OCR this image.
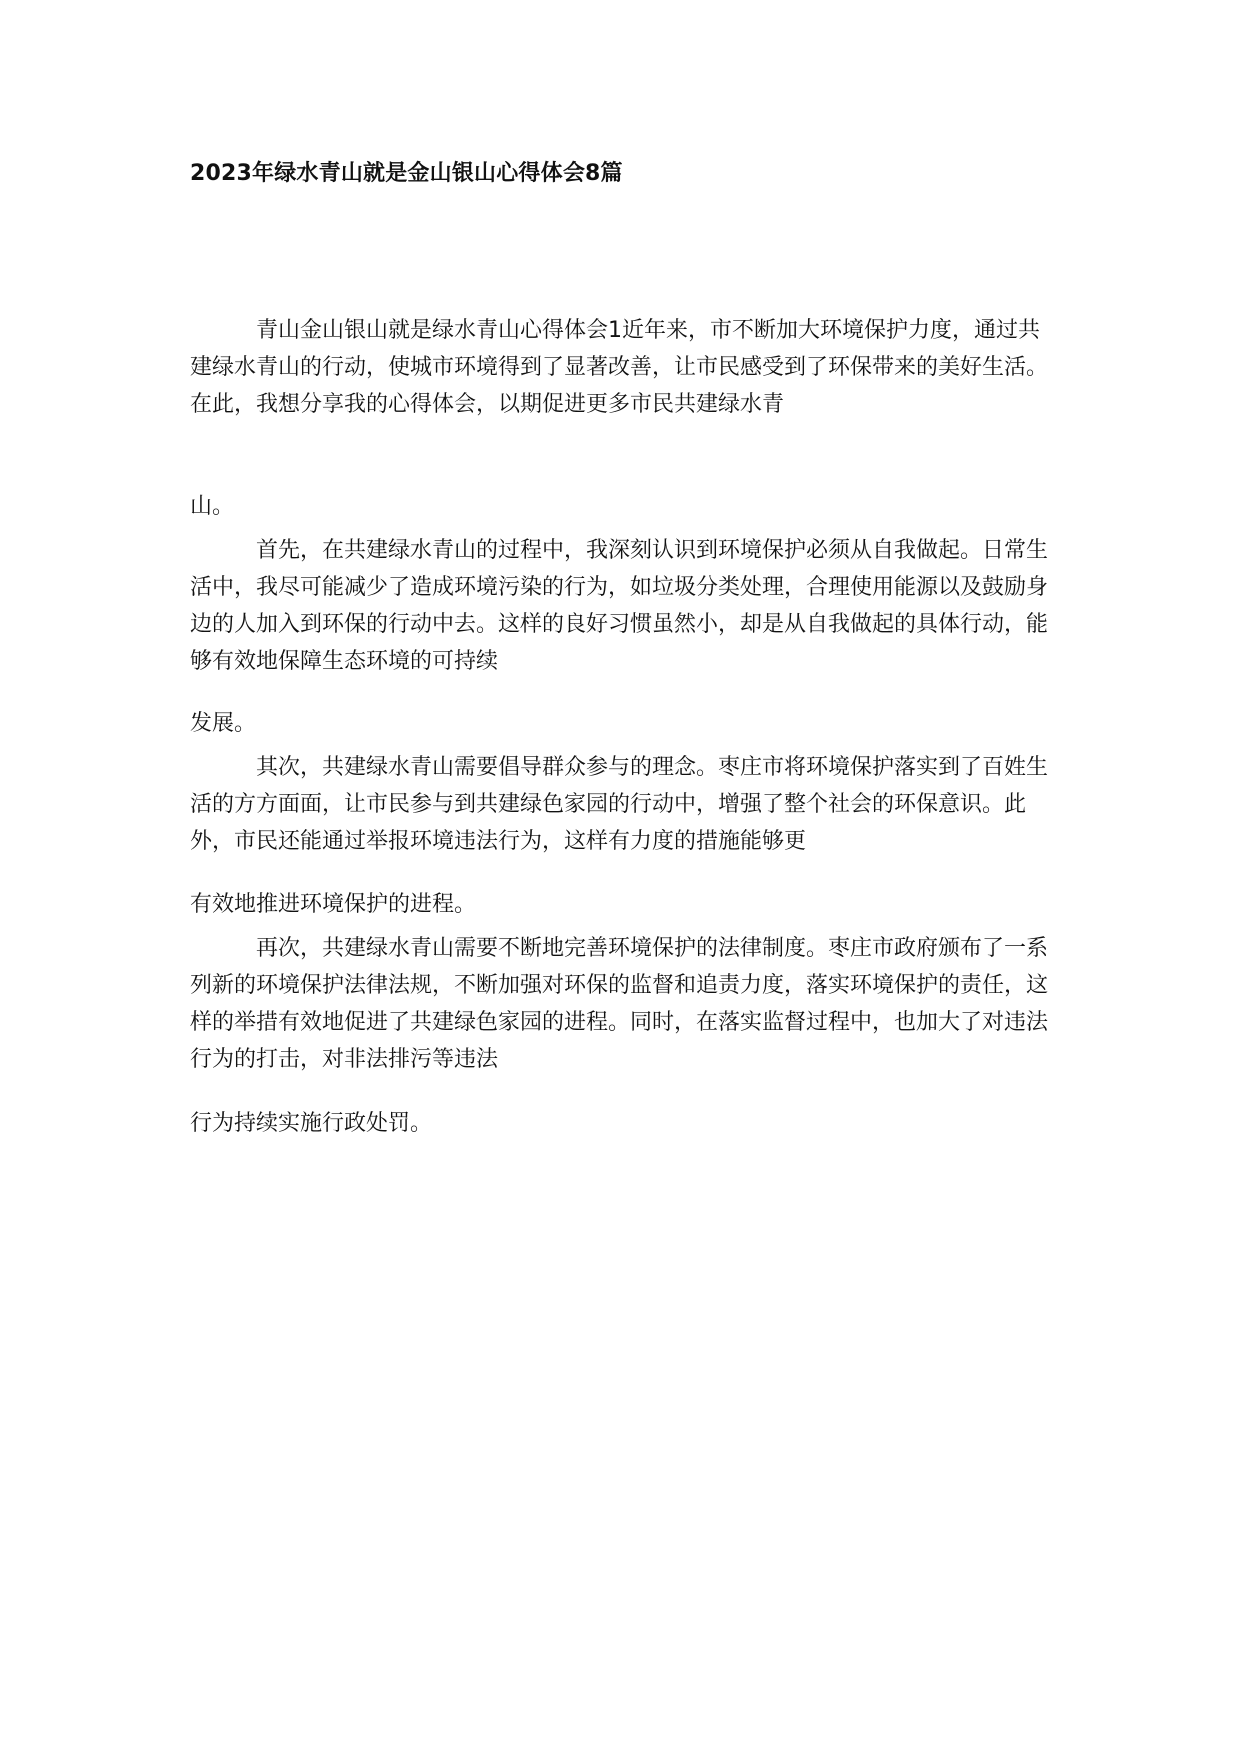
2023年绿水青山就是金山银山心得体会8篇
青山金山银山就是绿水青山心得体会1近年来，市不断加大环境保护力度，通过共建绿水青山的行动，使城市环境得到了显著改善，让市民感受到了环保带来的美好生活。在此，我想分享我的心得体会，以期促进更多市民共建绿水青
山。
首先，在共建绿水青山的过程中，我深刻认识到环境保护必须从自我做起。日常生活中，我尽可能减少了造成环境污染的行为，如垃圾分类处理，合理使用能源以及鼓励身边的人加入到环保的行动中去。这样的良好习惯虽然小，却是从自我做起的具体行动，能够有效地保障生态环境的可持续
发展。
其次，共建绿水青山需要倡导群众参与的理念。枣庄市将环境保护落实到了百姓生活的方方面面，让市民参与到共建绿色家园的行动中，增强了整个社会的环保意识。此外，市民还能通过举报环境违法行为，这样有力度的措施能够更
有效地推进环境保护的进程。
再次，共建绿水青山需要不断地完善环境保护的法律制度。枣庄市政府颁布了一系列新的环境保护法律法规，不断加强对环保的监督和追责力度，落实环境保护的责任，这样的举措有效地促进了共建绿色家园的进程。同时，在落实监督过程中，也加大了对违法行为的打击，对非法排污等违法
行为持续实施行政处罚。
